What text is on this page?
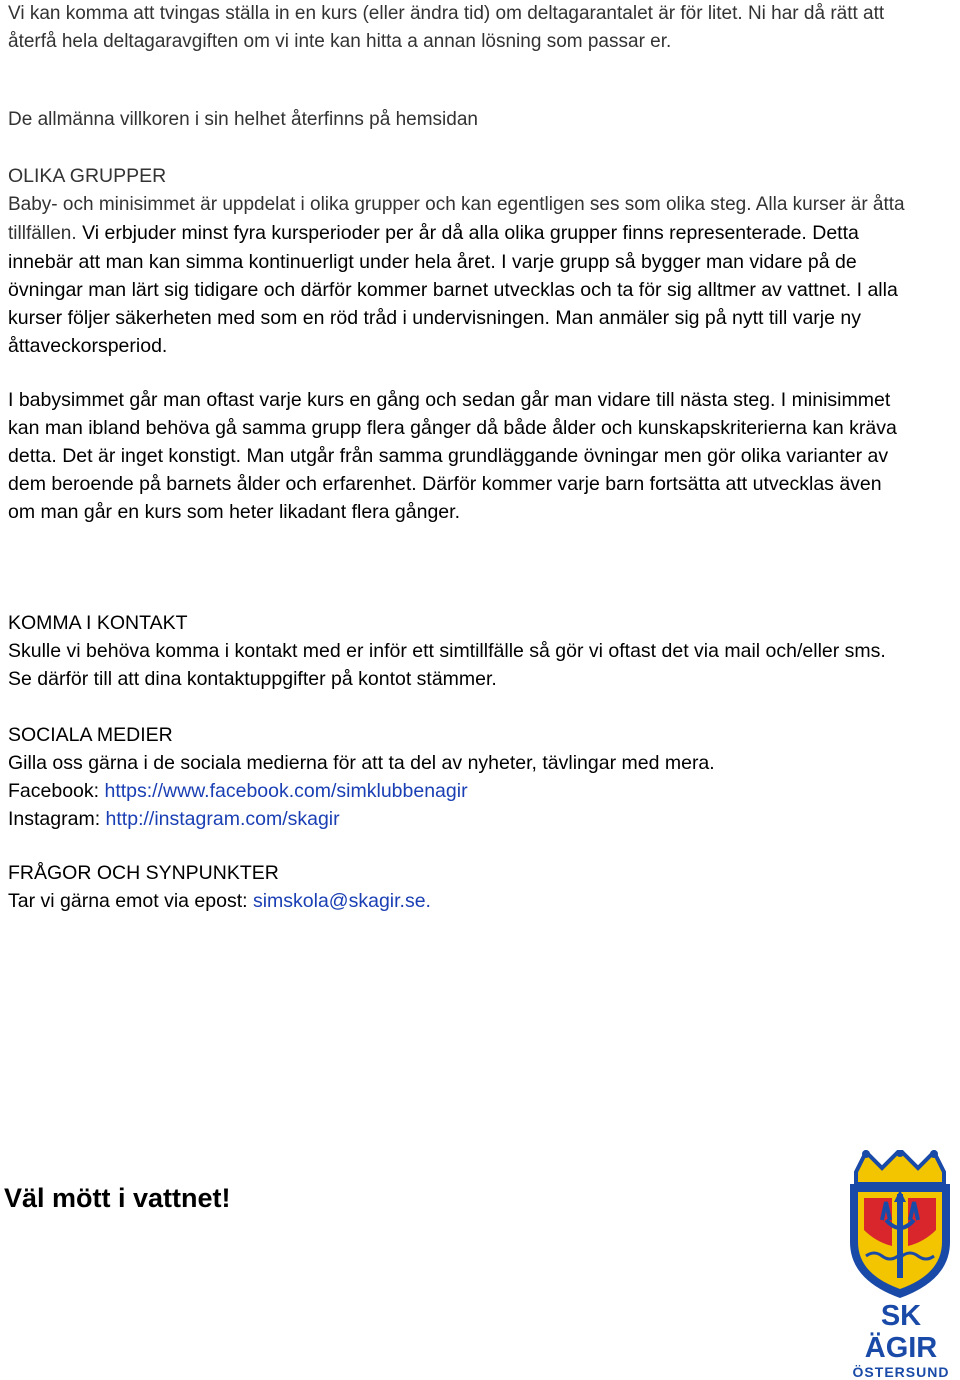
Vi kan komma att tvingas ställa in en kurs (eller ändra tid) om deltagarantalet är för litet. Ni har då rätt att återfå hela deltagaravgiften om vi inte kan hitta a annan lösning som passar er.
De allmänna villkoren i sin helhet återfinns på hemsidan
OLIKA GRUPPER
Baby- och minisimmet är uppdelat i olika grupper och kan egentligen ses som olika steg. Alla kurser är åtta tillfällen. Vi erbjuder minst fyra kursperioder per år då alla olika grupper finns representerade. Detta innebär att man kan simma kontinuerligt under hela året. I varje grupp så bygger man vidare på de övningar man lärt sig tidigare och därför kommer barnet utvecklas och ta för sig alltmer av vattnet. I alla kurser följer säkerheten med som en röd tråd i undervisningen. Man anmäler sig på nytt till varje ny åttaveckorsperiod.
I babysimmet går man oftast varje kurs en gång och sedan går man vidare till nästa steg. I minisimmet kan man ibland behöva gå samma grupp flera gånger då både ålder och kunskapskriterierna kan kräva detta. Det är inget konstigt. Man utgår från samma grundläggande övningar men gör olika varianter av dem beroende på barnets ålder och erfarenhet. Därför kommer varje barn fortsätta att utvecklas även om man går en kurs som heter likadant flera gånger.
KOMMA I KONTAKT
Skulle vi behöva komma i kontakt med er inför ett simtillfälle så gör vi oftast det via mail och/eller sms. Se därför till att dina kontaktuppgifter på kontot stämmer.
SOCIALA MEDIER
Gilla oss gärna i de sociala medierna för att ta del av nyheter, tävlingar med mera.
Facebook: https://www.facebook.com/simklubbenagir
Instagram: http://instagram.com/skagir
FRÅGOR OCH SYNPUNKTER
Tar vi gärna emot via epost: simskola@skagir.se.
Väl mött i vattnet!
SK ÄGIR
ÖSTERSUND
